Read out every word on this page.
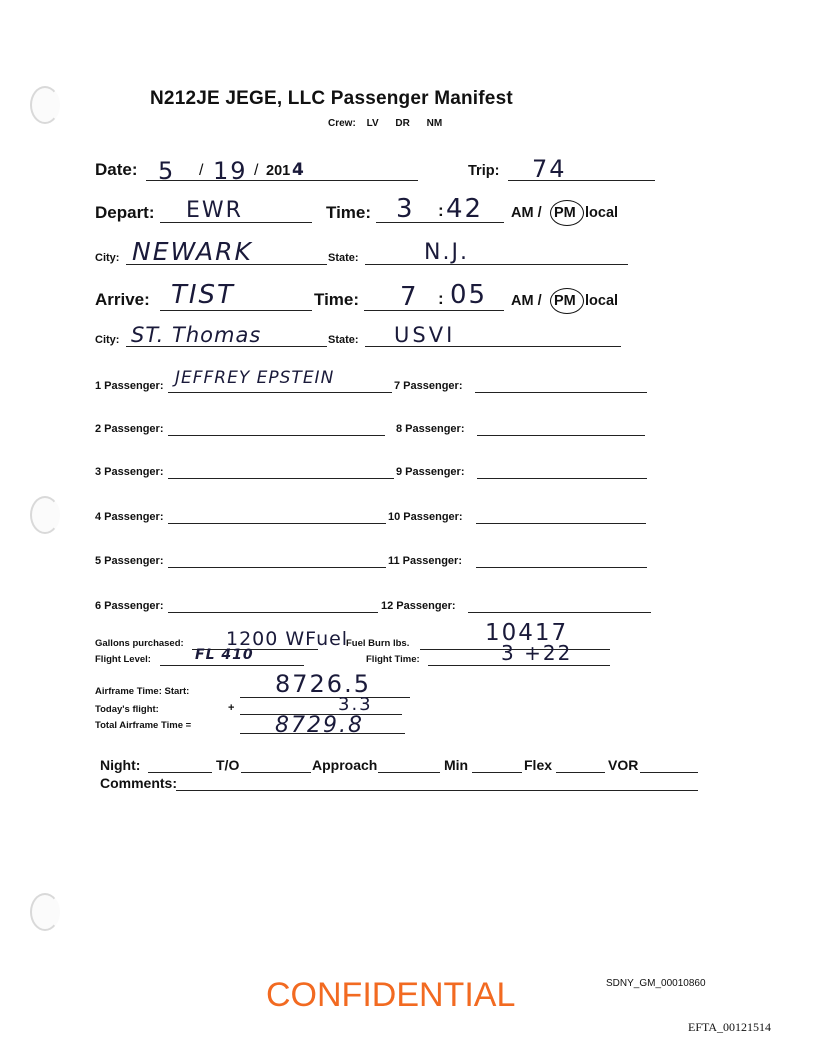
N212JE JEGE, LLC Passenger Manifest
Crew: LV DR NM
Date: 5 / 19 / 201 4	Trip: 74
Depart: EWR	Time: 3 : 42 AM / PM local
City: NEWARK	State:	N.J.
Arrive: TIST	Time: 7 : 05 AM / PM local
City: ST. Thomas	State: USVI
1 Passenger: JEFFREY EPSTEIN	7 Passenger:
2 Passenger:	8 Passenger:
3 Passenger:	9 Passenger:
4 Passenger:	10 Passenger:
5 Passenger:	11 Passenger:
6 Passenger:	12 Passenger:
Gallons purchased: 1200 WFuel
Fuel Burn lbs.	10417
Flight Level:	FL 410	Flight Time:	3 +22
Airframe Time: Start:	8726.5
Today's flight:	+	3.3
Total Airframe Time =	8729.8
Night:	T/O	Approach	Min	Flex	VOR
Comments:
CONFIDENTIAL	SDNY_GM_00010860
EFTA_00121514
